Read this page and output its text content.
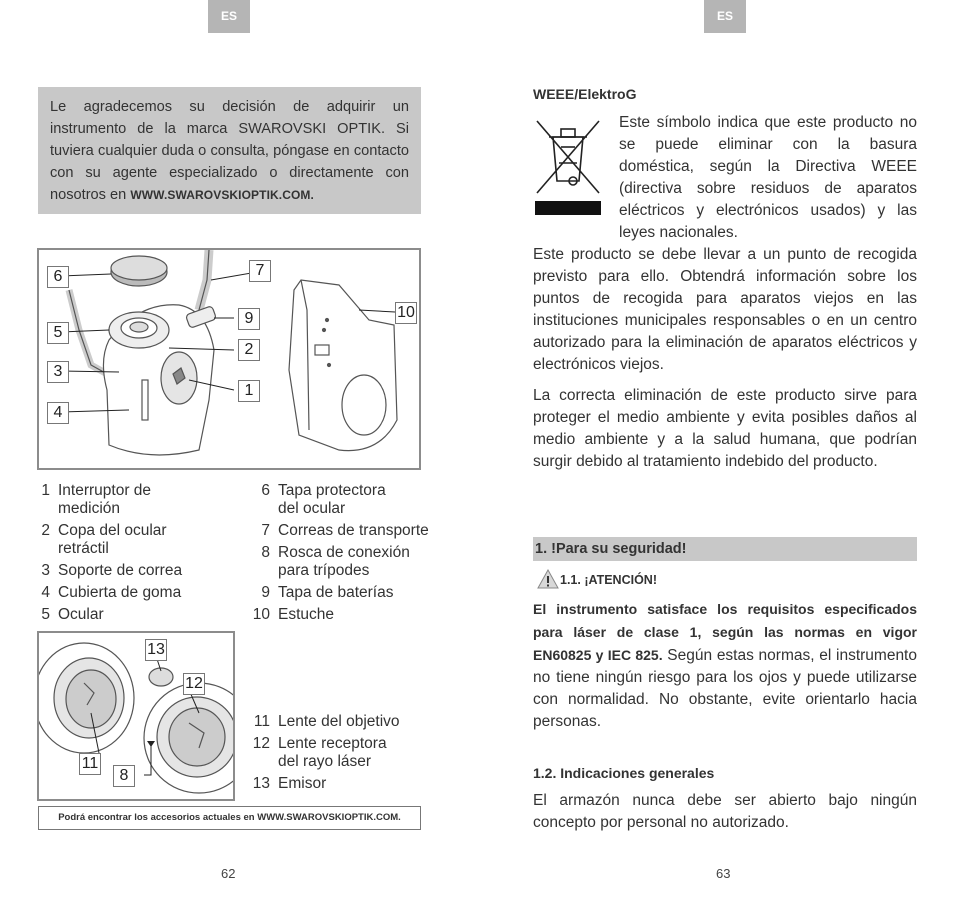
ES	ES
Le agradecemos su decisión de adquirir un instrumento de la marca SWAROVSKI OPTIK. Si tuviera cualquier duda o consulta, póngase en contacto con su agente especializado o directamente con nosotros en WWW.SWAROVSKIOPTIK.COM.
6	7
5
9
2
3
1
4
10
1 Interruptor de
medición
2 Copa del ocular
retráctil
3 Soporte de correa
4 Cubierta de goma
5 Ocular
6 Tapa protectora
del ocular
7 Correas de transporte
8 Rosca de conexión
para trípodes
9 Tapa de baterías
10 Estuche
13
12
11
8
11 Lente del objetivo
12 Lente receptora
del rayo láser
13 Emisor
Podrá encontrar los accesorios actuales en WWW.SWAROVSKIOPTIK.COM.
62	63
WEEE/ElektroG
Este símbolo indica que este producto no se puede eliminar con la basura doméstica, según la Directiva WEEE (directiva sobre residuos de aparatos eléctricos y electrónicos usados) y las leyes nacionales.
Este producto se debe llevar a un punto de recogida previsto para ello. Obtendrá información sobre los puntos de recogida para aparatos viejos en las instituciones municipales responsables o en un centro autorizado para la eliminación de aparatos eléctricos y electrónicos viejos.
La correcta eliminación de este producto sirve para proteger el medio ambiente y evita posibles daños al medio ambiente y a la salud humana, que podrían surgir debido al tratamiento indebido del producto.
1. !Para su seguridad!
1.1. ¡ATENCIÓN!
El instrumento satisface los requisitos especificados para láser de clase 1, según las normas en vigor EN60825 y IEC 825. Según estas normas, el instrumento no tiene ningún riesgo para los ojos y puede utilizarse con normalidad. No obstante, evite orientarlo hacia personas.
1.2. Indicaciones generales
El armazón nunca debe ser abierto bajo ningún concepto por personal no autorizado.
